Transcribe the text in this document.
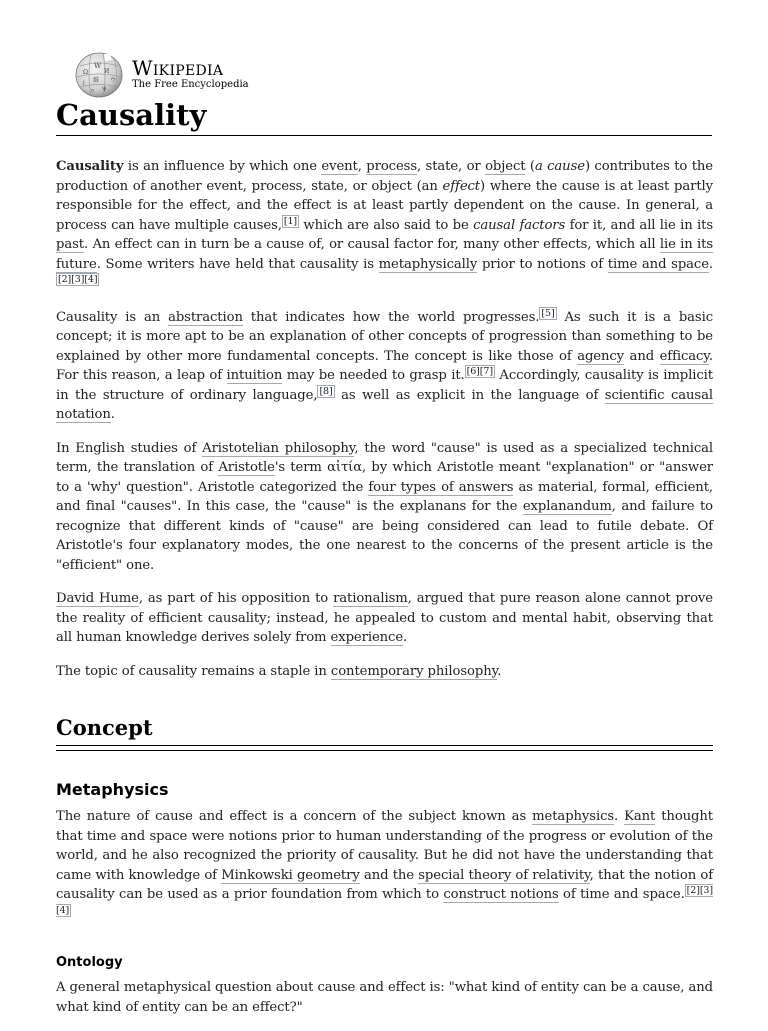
W
Ω	И
維 ウ
ا
ψ
ก
Wikipedia
The Free Encyclopedia
Causality

Causality is an influence by which one event, process, state, or object (a cause) contributes to the production of another event, process, state, or object (an effect) where the cause is at least partly responsible for the effect, and the effect is at least partly dependent on the cause. In general, a process can have multiple causes, [1] which are also said to be causal factors for it, and all lie in its past. An effect can in turn be a cause of, or causal factor for, many other effects, which all lie in its future. Some writers have held that causality is metaphysically prior to notions of time and space.[2][3][4]

Causality is an abstraction that indicates how the world progresses. [5] As such it is a basic concept; it is more apt to be an explanation of other concepts of progression than something to be explained by other more fundamental concepts. The concept is like those of agency and efficacy. For this reason, a leap of intuition may be needed to grasp it. [6][7] Accordingly, causality is implicit in the structure of ordinary language, [8] as well as explicit in the language of scientific causal notation.

In English studies of Aristotelian philosophy, the word "cause" is used as a specialized technical term, the translation of Aristotle's term αἰτία, by which Aristotle meant "explanation" or "answer to a 'why' question". Aristotle categorized the four types of answers as material, formal, efficient, and final "causes". In this case, the "cause" is the explanans for the explanandum, and failure to recognize that different kinds of "cause" are being considered can lead to futile debate. Of Aristotle's four explanatory modes, the one nearest to the concerns of the present article is the "efficient" one.

David Hume, as part of his opposition to rationalism, argued that pure reason alone cannot prove the reality of efficient causality; instead, he appealed to custom and mental habit, observing that all human knowledge derives solely from experience.

The topic of causality remains a staple in contemporary philosophy.

Concept
Metaphysics

The nature of cause and effect is a concern of the subject known as metaphysics. Kant thought that time and space were notions prior to human understanding of the progress or evolution of the world, and he also recognized the priority of causality. But he did not have the understanding that came with knowledge of Minkowski geometry and the special theory of relativity, that the notion of causality can be used as a prior foundation from which to construct notions of time and space. [2][3][4]

Ontology

A general metaphysical question about cause and effect is: "what kind of entity can be a cause, and what kind of entity can be an effect?"
